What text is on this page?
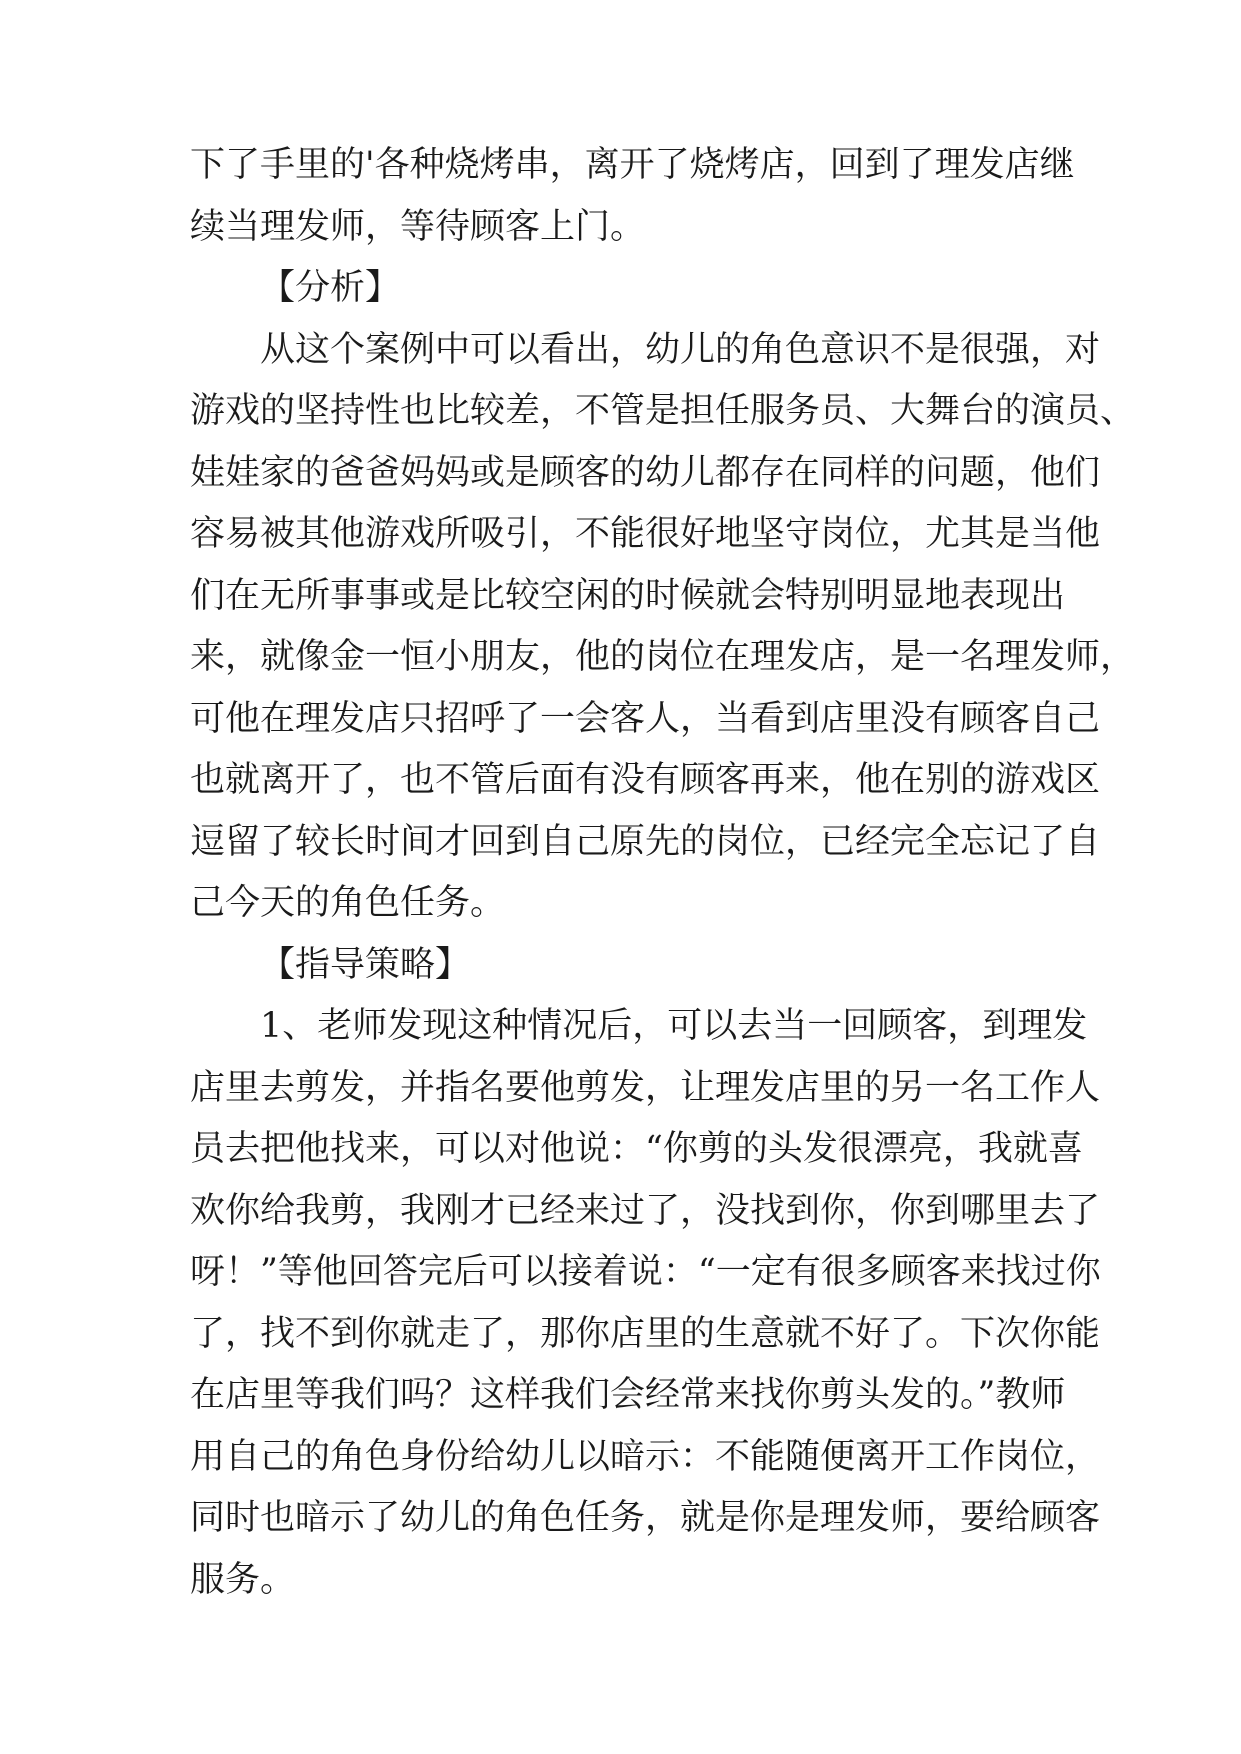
下了手里的'各种烧烤串，离开了烧烤店，回到了理发店继
续当理发师，等待顾客上门。
【分析】
从这个案例中可以看出，幼儿的角色意识不是很强，对
游戏的坚持性也比较差，不管是担任服务员、大舞台的演员、
娃娃家的爸爸妈妈或是顾客的幼儿都存在同样的问题，他们
容易被其他游戏所吸引，不能很好地坚守岗位，尤其是当他
们在无所事事或是比较空闲的时候就会特别明显地表现出
来，就像金一恒小朋友，他的岗位在理发店，是一名理发师，
可他在理发店只招呼了一会客人，当看到店里没有顾客自己
也就离开了，也不管后面有没有顾客再来，他在别的游戏区
逗留了较长时间才回到自己原先的岗位，已经完全忘记了自
己今天的角色任务。
【指导策略】
1、老师发现这种情况后，可以去当一回顾客，到理发
店里去剪发，并指名要他剪发，让理发店里的另一名工作人
员去把他找来，可以对他说：“你剪的头发很漂亮，我就喜
欢你给我剪，我刚才已经来过了，没找到你，你到哪里去了
呀！”等他回答完后可以接着说：“一定有很多顾客来找过你
了，找不到你就走了，那你店里的生意就不好了。下次你能
在店里等我们吗？这样我们会经常来找你剪头发的。”教师
用自己的角色身份给幼儿以暗示：不能随便离开工作岗位，
同时也暗示了幼儿的角色任务，就是你是理发师，要给顾客
服务。
